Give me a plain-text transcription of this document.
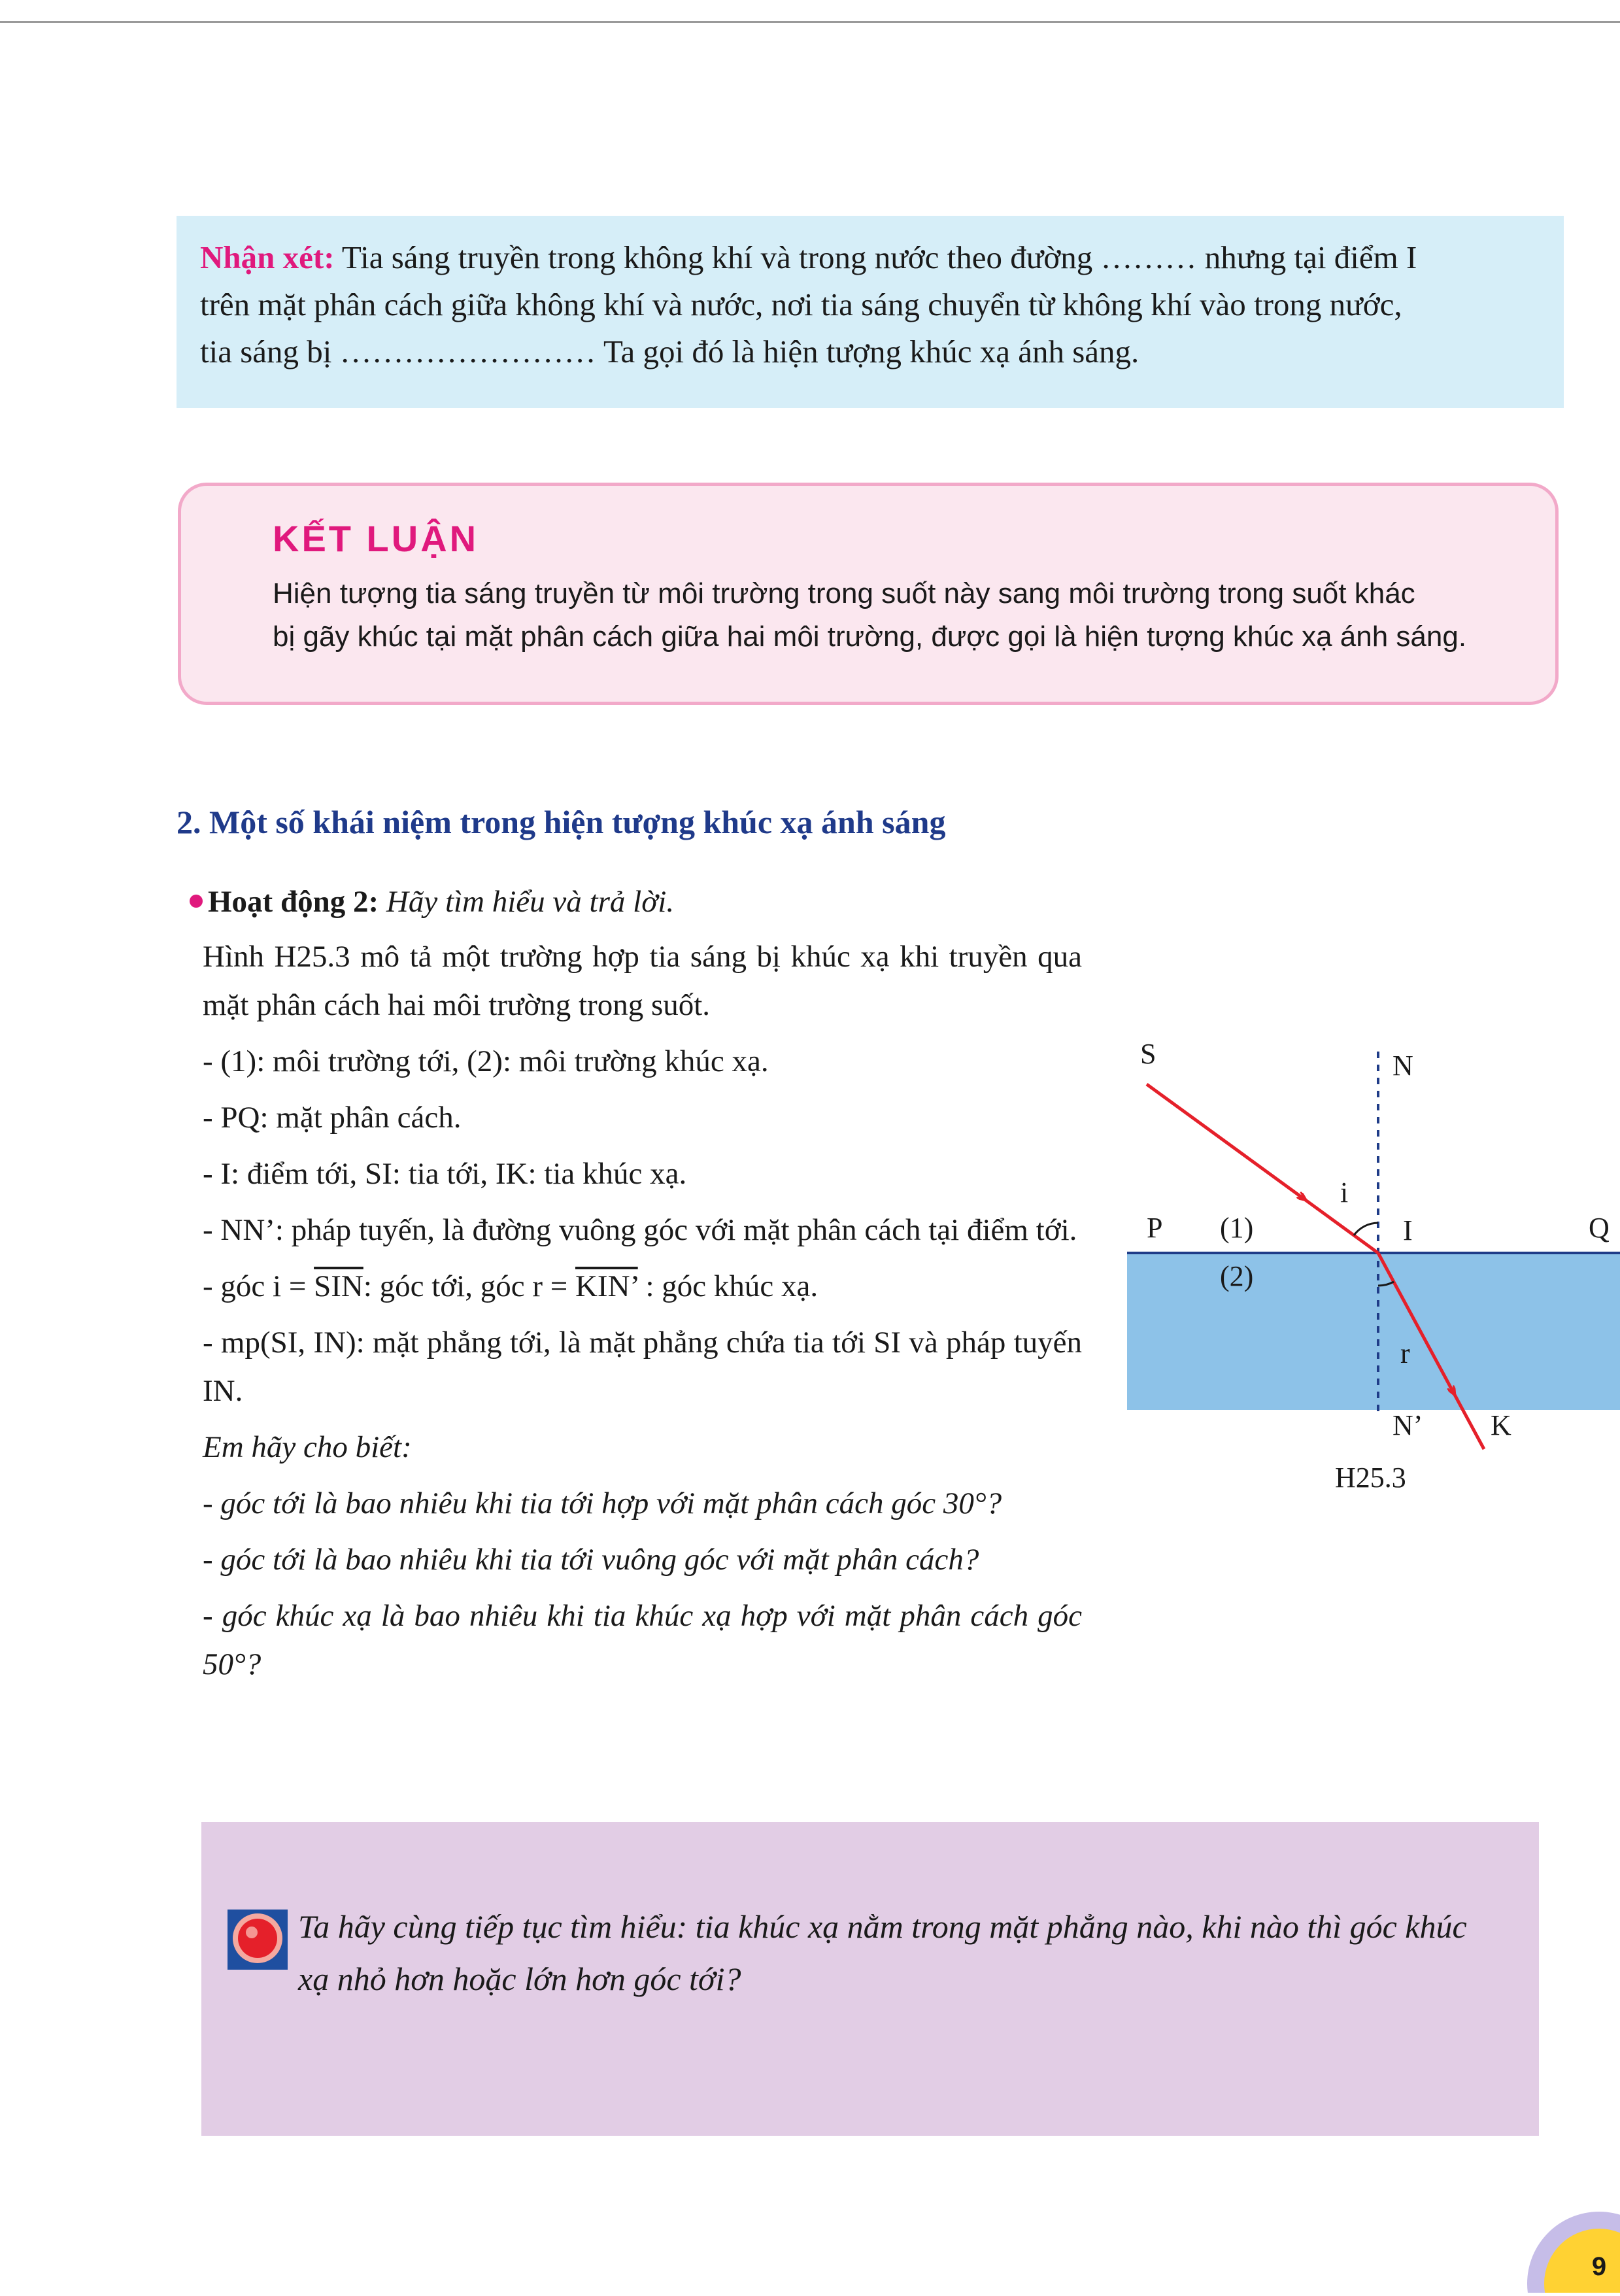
Nhận xét: Tia sáng truyền trong không khí và trong nước theo đường ……… nhưng tại điểm I
trên mặt phân cách giữa không khí và nước, nơi tia sáng chuyển từ không khí vào trong nước,
tia sáng bị …………………… Ta gọi đó là hiện tượng khúc xạ ánh sáng.
KẾT LUẬN
Hiện tượng tia sáng truyền từ môi trường trong suốt này sang môi trường trong suốt khác
bị gãy khúc tại mặt phân cách giữa hai môi trường, được gọi là hiện tượng khúc xạ ánh sáng.
2. Một số khái niệm trong hiện tượng khúc xạ ánh sáng

Hoạt động 2: Hãy tìm hiểu và trả lời.

Hình H25.3 mô tả một trường hợp tia sáng bị khúc xạ khi truyền qua mặt phân cách hai môi trường trong suốt.

- (1): môi trường tới, (2): môi trường khúc xạ.

- PQ: mặt phân cách.

- I: điểm tới, SI: tia tới, IK: tia khúc xạ.

- NN’: pháp tuyến, là đường vuông góc với mặt phân cách tại điểm tới.

- góc $i = \overline{SIN}$: góc tới, góc r = KIN’ : góc khúc xạ.

- mp(SI, IN): mặt phẳng tới, là mặt phẳng chứa tia tới SI và pháp tuyến IN.

Em hãy cho biết:

- góc tới là bao nhiêu khi tia tới hợp với mặt phân cách góc 30°?

- góc tới là bao nhiêu khi tia tới vuông góc với mặt phân cách?

- góc khúc xạ là bao nhiêu khi tia khúc xạ hợp với mặt phân cách góc 50°?

S	N
i
P (1)	I	Q
(2)
r
N’ K
H25.3
Ta hãy cùng tiếp tục tìm hiểu: tia khúc xạ nằm trong mặt phẳng nào, khi nào thì góc khúc xạ nhỏ hơn hoặc lớn hơn góc tới?
9
